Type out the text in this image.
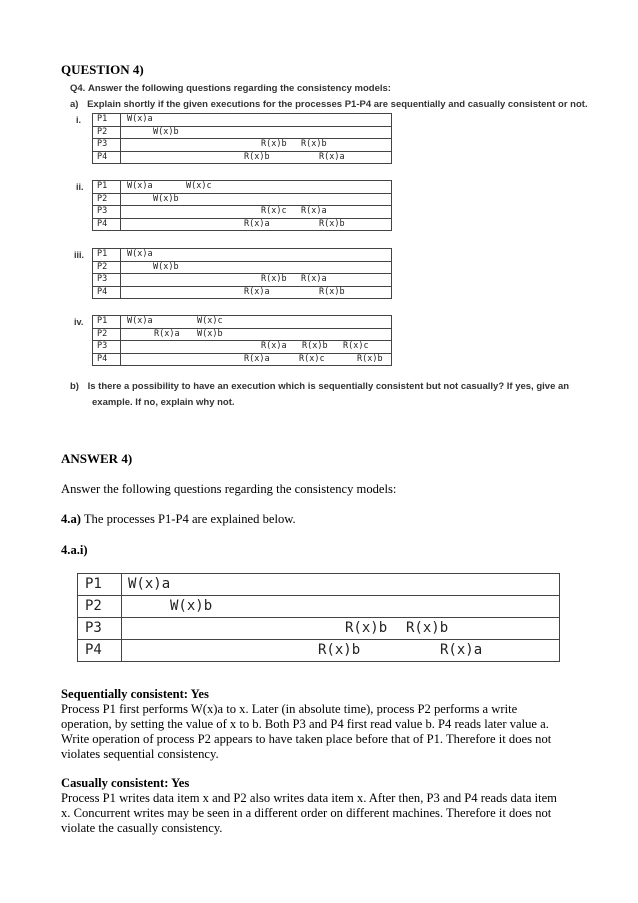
QUESTION 4)
Q4. Answer the following questions regarding the consistency models:
a) Explain shortly if the given executions for the processes P1-P4 are sequentially and casually consistent or not.
i.	P1	W(x)a

P2	W(x)b

P3	R(x)b R(x)b

P4	R(x)b R(x)a
ii.	P1	W(x)a W(x)c

P2	W(x)b

P3	R(x)c R(x)a

P4	R(x)a R(x)b
iii.	P1	W(x)a

P2	W(x)b

P3	R(x)b R(x)a

P4	R(x)a R(x)b
iv.	P1	W(x)a W(x)c

P2	R(x)a W(x)b

P3	R(x)a R(x)b R(x)c

P4	R(x)a R(x)c R(x)b
b) Is there a possibility to have an execution which is sequentially consistent but not casually? If yes, give an
example. If no, explain why not.
ANSWER 4)
Answer the following questions regarding the consistency models:
4.a) The processes P1-P4 are explained below.
4.a.i)
P1	W(x)a

P2	W(x)b

P3	R(x)b R(x)b

P4	R(x)b R(x)a
Sequentially consistent: Yes
Process P1 first performs W(x)a to x. Later (in absolute time), process P2 performs a write
operation, by setting the value of x to b. Both P3 and P4 first read value b. P4 reads later value a.
Write operation of process P2 appears to have taken place before that of P1. Therefore it does not
violates sequential consistency.
Casually consistent: Yes
Process P1 writes data item x and P2 also writes data item x. After then, P3 and P4 reads data item
x. Concurrent writes may be seen in a different order on different machines. Therefore it does not
violate the casually consistency.
